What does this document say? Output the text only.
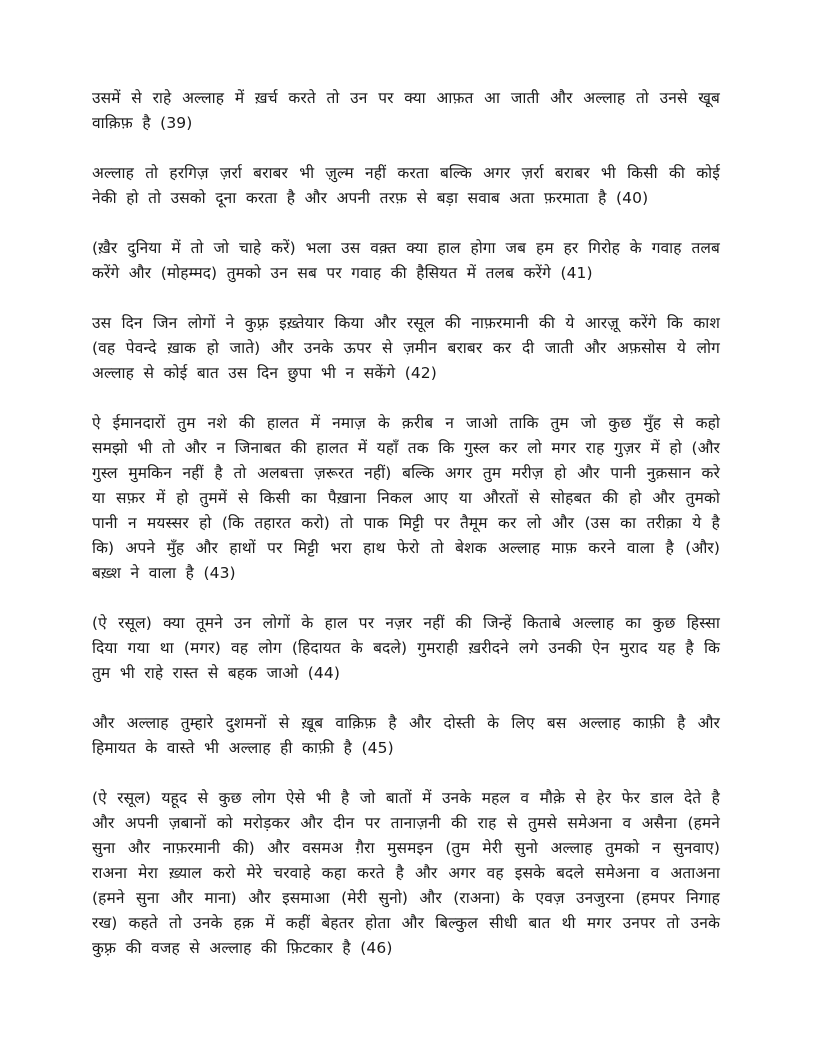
उसमें से राहे अल्लाह में ख़र्च करते तो उन पर क्या आफ़त आ जाती और अल्लाह तो उनसे खूब वाक़िफ़ है (39)

अल्लाह तो हरगिज़ ज़र्रा बराबर भी ज़ुल्म नहीं करता बल्कि अगर ज़र्रा बराबर भी किसी की कोई नेकी हो तो उसको दूना करता है और अपनी तरफ़ से बड़ा सवाब अता फ़रमाता है (40)

(ख़ैर दुनिया में तो जो चाहे करें) भला उस वक़्त क्या हाल होगा जब हम हर गिरोह के गवाह तलब करेंगे और (मोहम्मद) तुमको उन सब पर गवाह की हैसियत में तलब करेंगे (41)

उस दिन जिन लोगों ने कुफ़्र इख़्तेयार किया और रसूल की नाफ़रमानी की ये आरज़ू करेंगे कि काश (वह पेवन्दे ख़ाक हो जाते) और उनके ऊपर से ज़मीन बराबर कर दी जाती और अफ़सोस ये लोग अल्लाह से कोई बात उस दिन छुपा भी न सकेंगे (42)

ऐ ईमानदारों तुम नशे की हालत में नमाज़ के क़रीब न जाओ ताकि तुम जो कुछ मुँह से कहो समझो भी तो और न जिनाबत की हालत में यहाँ तक कि गुस्ल कर लो मगर राह गुज़र में हो (और गुस्ल मुमकिन नहीं है तो अलबत्ता ज़रूरत नहीं) बल्कि अगर तुम मरीज़ हो और पानी नुक़सान करे या सफ़र में हो तुममें से किसी का पैख़ाना निकल आए या औरतों से सोहबत की हो और तुमको पानी न मयस्सर हो (कि तहारत करो) तो पाक मिट्टी पर तैमूम कर लो और (उस का तरीक़ा ये है कि) अपने मुँह और हाथों पर मिट्टी भरा हाथ फेरो तो बेशक अल्लाह माफ़ करने वाला है (और) बख़्श ने वाला है (43)

(ऐ रसूल) क्या तूमने उन लोगों के हाल पर नज़र नहीं की जिन्हें किताबे अल्लाह का कुछ हिस्सा दिया गया था (मगर) वह लोग (हिदायत के बदले) गुमराही ख़रीदने लगे उनकी ऐन मुराद यह है कि तुम भी राहे रास्त से बहक जाओ (44)

और अल्लाह तुम्हारे दुशमनों से ख़ूब वाक़िफ़ है और दोस्ती के लिए बस अल्लाह काफ़ी है और हिमायत के वास्ते भी अल्लाह ही काफ़ी है (45)

(ऐ रसूल) यहूद से कुछ लोग ऐसे भी है जो बातों में उनके महल व मौक़े से हेर फेर डाल देते है और अपनी ज़बानों को मरोड़कर और दीन पर तानाज़नी की राह से तुमसे समेअना व असैना (हमने सुना और नाफ़रमानी की) और वसमअ ग़ैरा मुसमइन (तुम मेरी सुनो अल्लाह तुमको न सुनवाए) राअना मेरा ख़्याल करो मेरे चरवाहे कहा करते है और अगर वह इसके बदले समेअना व अताअना (हमने सुना और माना) और इसमाआ (मेरी सुनो) और (राअना) के एवज़ उनजुरना (हमपर निगाह रख) कहते तो उनके हक़ में कहीं बेहतर होता और बिल्कुल सीधी बात थी मगर उनपर तो उनके कुफ़्र की वजह से अल्लाह की फ़िटकार है (46)
